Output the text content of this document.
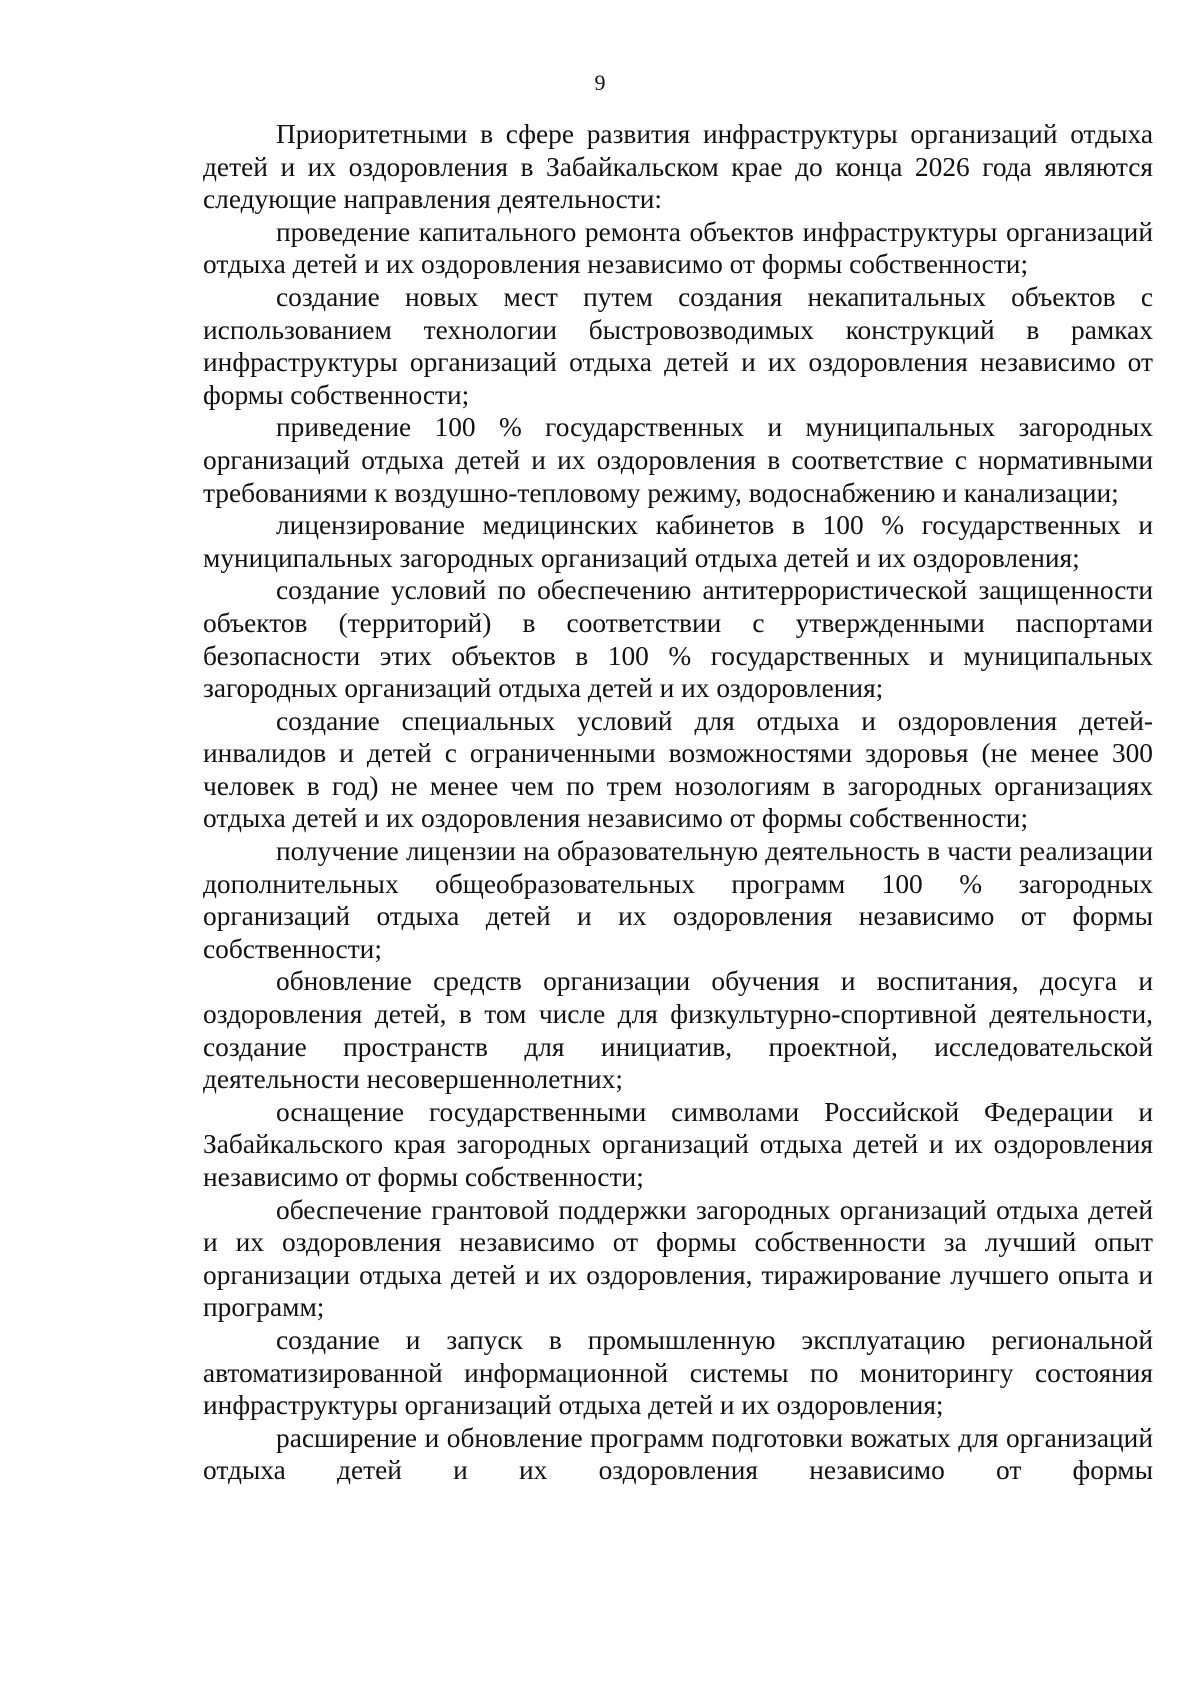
9

Приоритетными в сфере развития инфраструктуры организаций отдыха детей и их оздоровления в Забайкальском крае до конца 2026 года являются следующие направления деятельности:

проведение капитального ремонта объектов инфраструктуры организаций отдыха детей и их оздоровления независимо от формы собственности;

создание новых мест путем создания некапитальных объектов с использованием технологии быстровозводимых конструкций в рамках инфраструктуры организаций отдыха детей и их оздоровления независимо от формы собственности;

приведение 100 % государственных и муниципальных загородных организаций отдыха детей и их оздоровления в соответствие с нормативными требованиями к воздушно-тепловому режиму, водоснабжению и канализации;

лицензирование медицинских кабинетов в 100 % государственных и муниципальных загородных организаций отдыха детей и их оздоровления;

создание условий по обеспечению антитеррористической защищенности объектов (территорий) в соответствии с утвержденными паспортами безопасности этих объектов в 100 % государственных и муниципальных загородных организаций отдыха детей и их оздоровления;

создание специальных условий для отдыха и оздоровления детей-инвалидов и детей с ограниченными возможностями здоровья (не менее 300 человек в год) не менее чем по трем нозологиям в загородных организациях отдыха детей и их оздоровления независимо от формы собственности;

получение лицензии на образовательную деятельность в части реализации дополнительных общеобразовательных программ 100 % загородных организаций отдыха детей и их оздоровления независимо от формы собственности;

обновление средств организации обучения и воспитания, досуга и оздоровления детей, в том числе для физкультурно-спортивной деятельности, создание пространств для инициатив, проектной, исследовательской деятельности несовершеннолетних;

оснащение государственными символами Российской Федерации и Забайкальского края загородных организаций отдыха детей и их оздоровления независимо от формы собственности;

обеспечение грантовой поддержки загородных организаций отдыха детей и их оздоровления независимо от формы собственности за лучший опыт организации отдыха детей и их оздоровления, тиражирование лучшего опыта и программ;

создание и запуск в промышленную эксплуатацию региональной автоматизированной информационной системы по мониторингу состояния инфраструктуры организаций отдыха детей и их оздоровления;

расширение и обновление программ подготовки вожатых для организаций отдыха детей и их оздоровления независимо от формы
